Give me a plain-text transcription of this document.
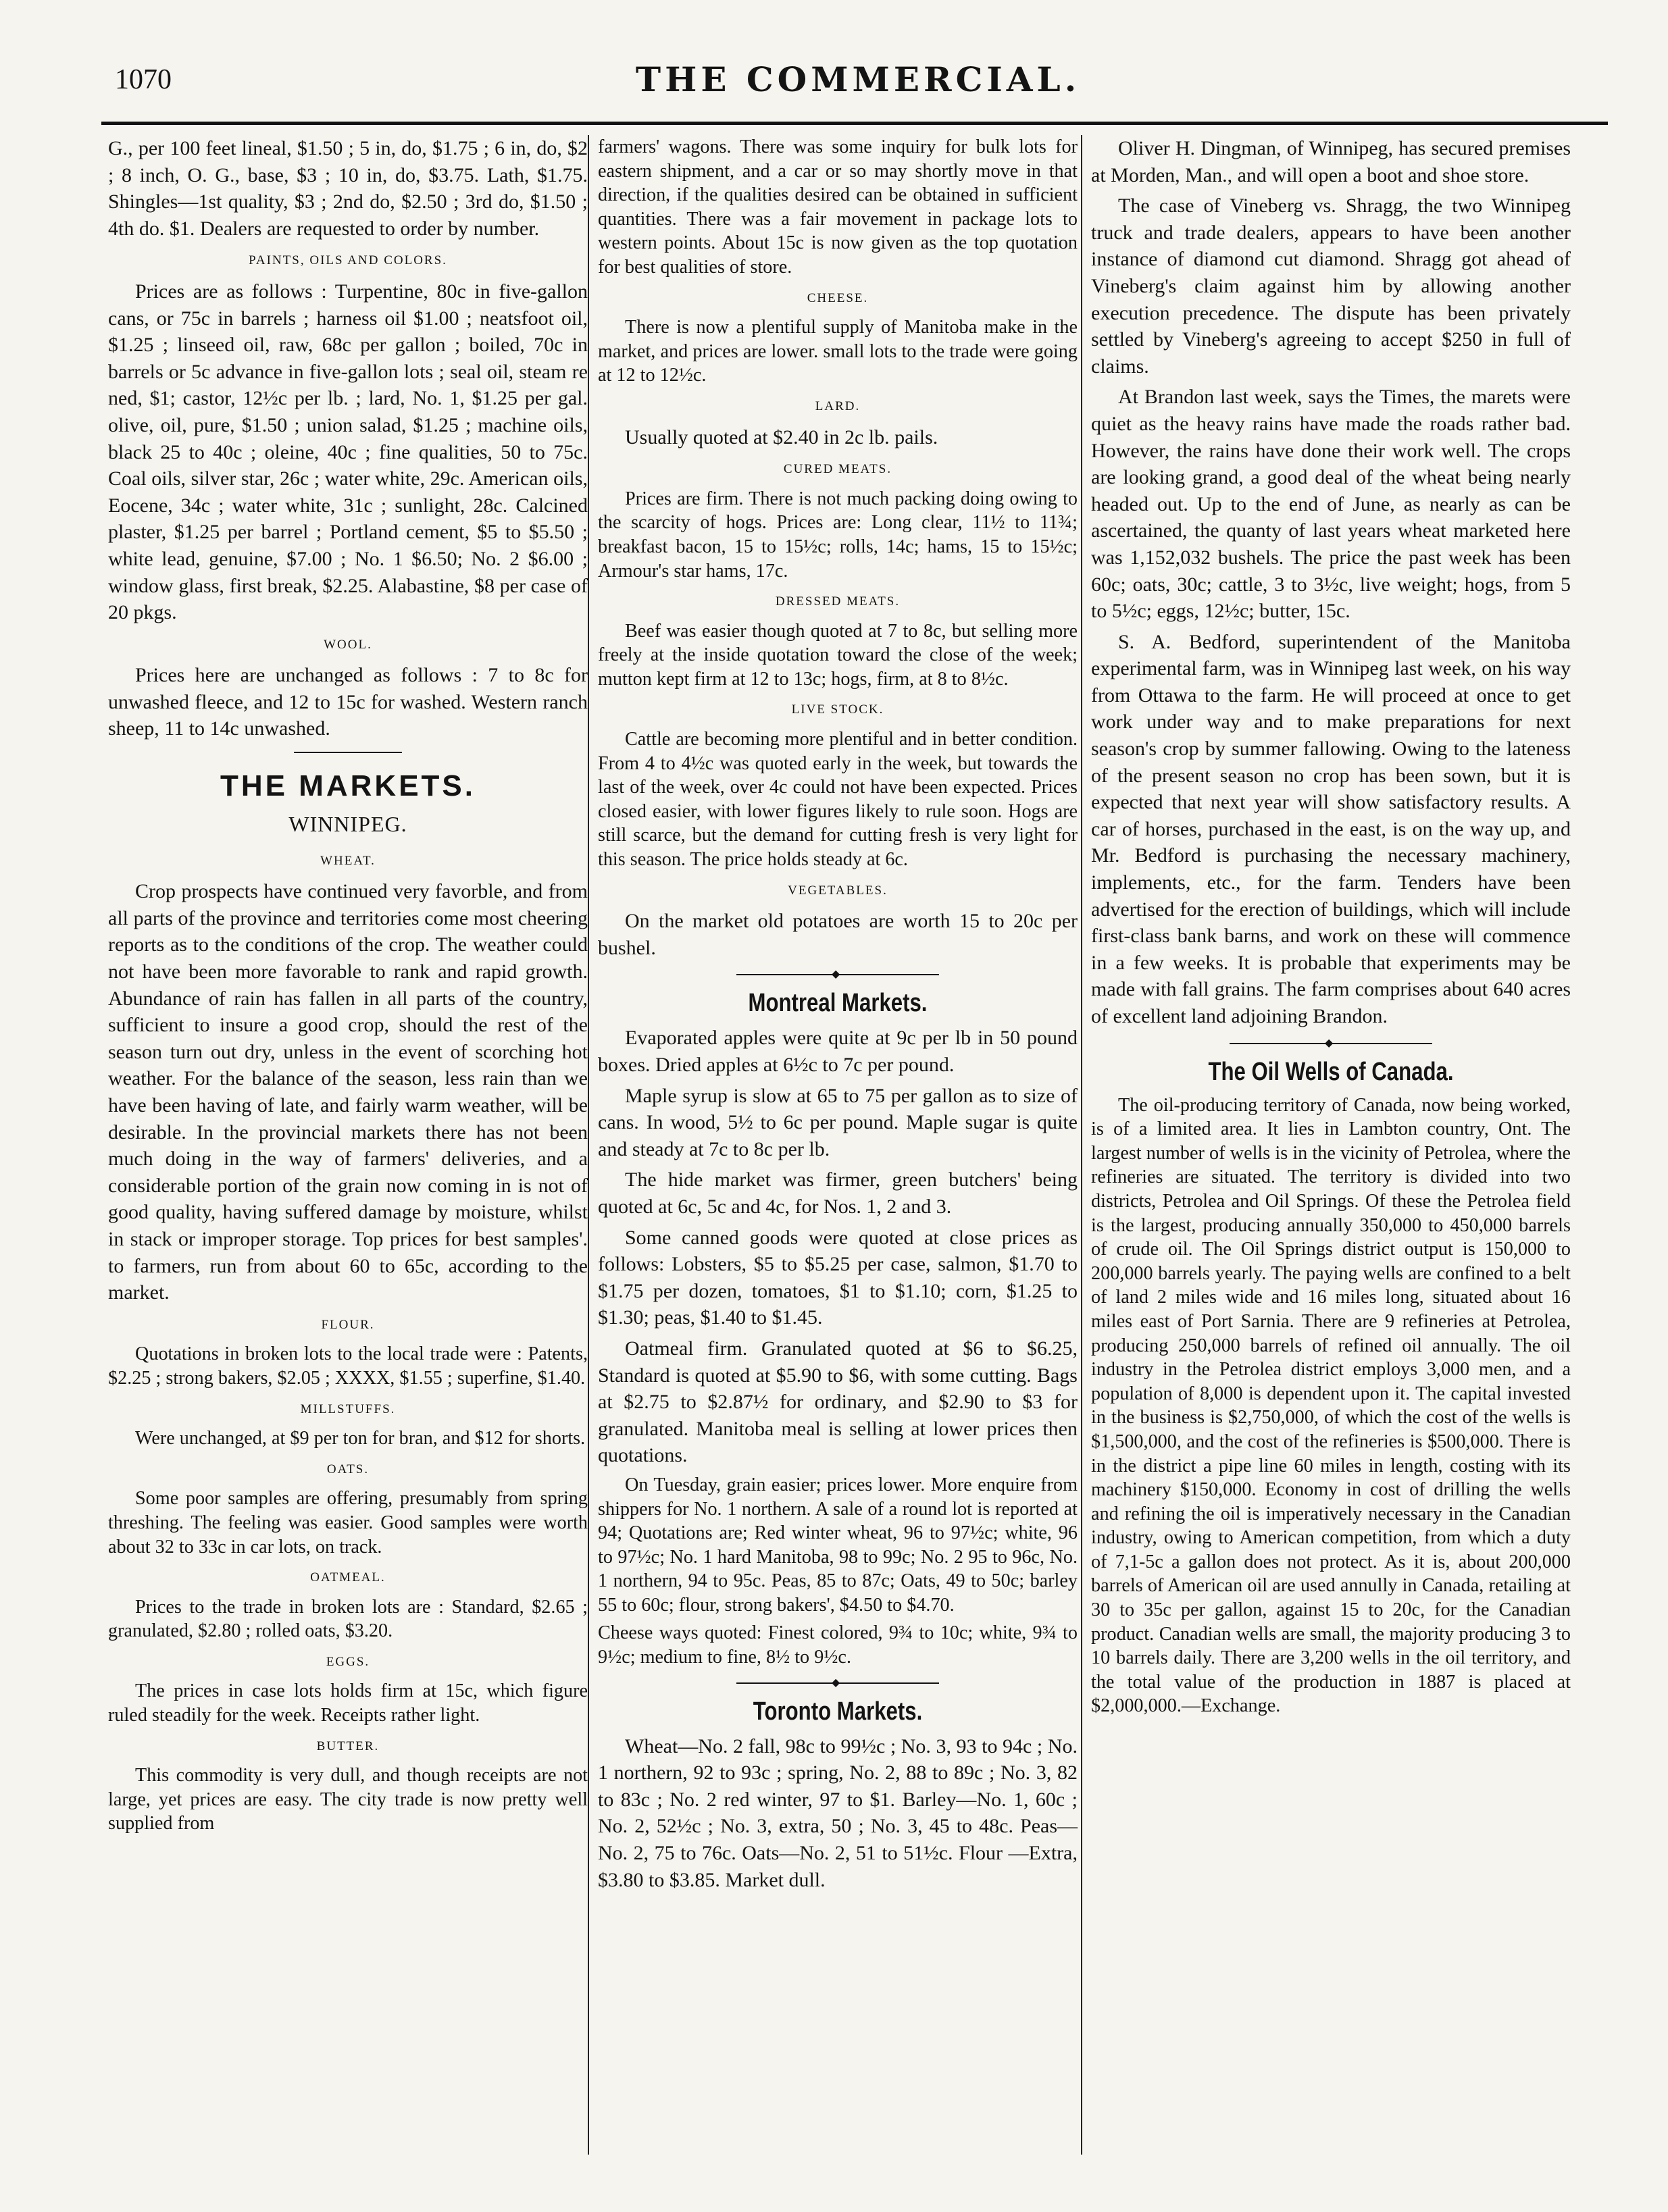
1070	THE COMMERCIAL.

G., per 100 feet lineal, $1.50 ; 5 in, do, $1.75 ; 6 in, do, $2 ; 8 inch, O. G., base, $3 ; 10 in, do, $3.75. Lath, $1.75. Shingles—1st quality, $3 ; 2nd do, $2.50 ; 3rd do, $1.50 ; 4th do. $1. Dealers are requested to order by number.

PAINTS, OILS AND COLORS.

Prices are as follows : Turpentine, 80c in five-gallon cans, or 75c in barrels ; harness oil $1.00 ; neatsfoot oil, $1.25 ; linseed oil, raw, 68c per gallon ; boiled, 70c in barrels or 5c advance in five-gallon lots ; seal oil, steam re ned, $1; castor, 12½c per lb. ; lard, No. 1, $1.25 per gal. olive, oil, pure, $1.50 ; union salad, $1.25 ; machine oils, black 25 to 40c ; oleine, 40c ; fine qualities, 50 to 75c. Coal oils, silver star, 26c ; water white, 29c. American oils, Eocene, 34c ; water white, 31c ; sunlight, 28c. Calcined plaster, $1.25 per barrel ; Portland cement, $5 to $5.50 ; white lead, genuine, $7.00 ; No. 1 $6.50; No. 2 $6.00 ; window glass, first break, $2.25. Alabastine, $8 per case of 20 pkgs.

WOOL.

Prices here are unchanged as follows : 7 to 8c for unwashed fleece, and 12 to 15c for washed. Western ranch sheep, 11 to 14c unwashed.

THE MARKETS.
WINNIPEG.
WHEAT.

Crop prospects have continued very favorble, and from all parts of the province and territories come most cheering reports as to the conditions of the crop. The weather could not have been more favorable to rank and rapid growth. Abundance of rain has fallen in all parts of the country, sufficient to insure a good crop, should the rest of the season turn out dry, unless in the event of scorching hot weather. For the balance of the season, less rain than we have been having of late, and fairly warm weather, will be desirable. In the provincial markets there has not been much doing in the way of farmers' deliveries, and a considerable portion of the grain now coming in is not of good quality, having suffered damage by moisture, whilst in stack or improper storage. Top prices for best samples'. to farmers, run from about 60 to 65c, according to the market.

FLOUR.

Quotations in broken lots to the local trade were : Patents, $2.25 ; strong bakers, $2.05 ; XXXX, $1.55 ; superfine, $1.40.

MILLSTUFFS.

Were unchanged, at $9 per ton for bran, and $12 for shorts.

OATS.

Some poor samples are offering, presumably from spring threshing. The feeling was easier. Good samples were worth about 32 to 33c in car lots, on track.

OATMEAL.

Prices to the trade in broken lots are : Standard, $2.65 ; granulated, $2.80 ; rolled oats, $3.20.

EGGS.

The prices in case lots holds firm at 15c, which figure ruled steadily for the week. Receipts rather light.

BUTTER.

This commodity is very dull, and though receipts are not large, yet prices are easy. The city trade is now pretty well supplied from

farmers' wagons. There was some inquiry for bulk lots for eastern shipment, and a car or so may shortly move in that direction, if the qualities desired can be obtained in sufficient quantities. There was a fair movement in package lots to western points. About 15c is now given as the top quotation for best qualities of store.

CHEESE.

There is now a plentiful supply of Manitoba make in the market, and prices are lower. small lots to the trade were going at 12 to 12½c.

LARD.

Usually quoted at $2.40 in 2c lb. pails.

CURED MEATS.

Prices are firm. There is not much packing doing owing to the scarcity of hogs. Prices are: Long clear, 11½ to 11¾; breakfast bacon, 15 to 15½c; rolls, 14c; hams, 15 to 15½c; Armour's star hams, 17c.

DRESSED MEATS.

Beef was easier though quoted at 7 to 8c, but selling more freely at the inside quotation toward the close of the week; mutton kept firm at 12 to 13c; hogs, firm, at 8 to 8½c.

LIVE STOCK.

Cattle are becoming more plentiful and in better condition. From 4 to 4½c was quoted early in the week, but towards the last of the week, over 4c could not have been expected. Prices closed easier, with lower figures likely to rule soon. Hogs are still scarce, but the demand for cutting fresh is very light for this season. The price holds steady at 6c.

VEGETABLES.

On the market old potatoes are worth 15 to 20c per bushel.

◆
Montreal Markets.

Evaporated apples were quite at 9c per lb in 50 pound boxes. Dried apples at 6½c to 7c per pound.

Maple syrup is slow at 65 to 75 per gallon as to size of cans. In wood, 5½ to 6c per pound. Maple sugar is quite and steady at 7c to 8c per lb.

The hide market was firmer, green butchers' being quoted at 6c, 5c and 4c, for Nos. 1, 2 and 3.

Some canned goods were quoted at close prices as follows: Lobsters, $5 to $5.25 per case, salmon, $1.70 to $1.75 per dozen, tomatoes, $1 to $1.10; corn, $1.25 to $1.30; peas, $1.40 to $1.45.

Oatmeal firm. Granulated quoted at $6 to $6.25, Standard is quoted at $5.90 to $6, with some cutting. Bags at $2.75 to $2.87½ for ordinary, and $2.90 to $3 for granulated. Manitoba meal is selling at lower prices then quotations.

On Tuesday, grain easier; prices lower. More enquire from shippers for No. 1 northern. A sale of a round lot is reported at 94; Quotations are; Red winter wheat, 96 to 97½c; white, 96 to 97½c; No. 1 hard Manitoba, 98 to 99c; No. 2 95 to 96c, No. 1 northern, 94 to 95c. Peas, 85 to 87c; Oats, 49 to 50c; barley 55 to 60c; flour, strong bakers', $4.50 to $4.70.

Cheese ways quoted: Finest colored, 9¾ to 10c; white, 9¾ to 9½c; medium to fine, 8½ to 9½c.

◆
Toronto Markets.

Wheat—No. 2 fall, 98c to 99½c ; No. 3, 93 to 94c ; No. 1 northern, 92 to 93c ; spring, No. 2, 88 to 89c ; No. 3, 82 to 83c ; No. 2 red winter, 97 to $1. Barley—No. 1, 60c ; No. 2, 52½c ; No. 3, extra, 50 ; No. 3, 45 to 48c. Peas—No. 2, 75 to 76c. Oats—No. 2, 51 to 51½c. Flour —Extra, $3.80 to $3.85. Market dull.

Oliver H. Dingman, of Winnipeg, has secured premises at Morden, Man., and will open a boot and shoe store.

The case of Vineberg vs. Shragg, the two Winnipeg truck and trade dealers, appears to have been another instance of diamond cut diamond. Shragg got ahead of Vineberg's claim against him by allowing another execution precedence. The dispute has been privately settled by Vineberg's agreeing to accept $250 in full of claims.

At Brandon last week, says the Times, the marets were quiet as the heavy rains have made the roads rather bad. However, the rains have done their work well. The crops are looking grand, a good deal of the wheat being nearly headed out. Up to the end of June, as nearly as can be ascertained, the quanty of last years wheat marketed here was 1,152,032 bushels. The price the past week has been 60c; oats, 30c; cattle, 3 to 3½c, live weight; hogs, from 5 to 5½c; eggs, 12½c; butter, 15c.

S. A. Bedford, superintendent of the Manitoba experimental farm, was in Winnipeg last week, on his way from Ottawa to the farm. He will proceed at once to get work under way and to make preparations for next season's crop by summer fallowing. Owing to the lateness of the present season no crop has been sown, but it is expected that next year will show satisfactory results. A car of horses, purchased in the east, is on the way up, and Mr. Bedford is purchasing the necessary machinery, implements, etc., for the farm. Tenders have been advertised for the erection of buildings, which will include first-class bank barns, and work on these will commence in a few weeks. It is probable that experiments may be made with fall grains. The farm comprises about 640 acres of excellent land adjoining Brandon.

◆
The Oil Wells of Canada.

The oil-producing territory of Canada, now being worked, is of a limited area. It lies in Lambton country, Ont. The largest number of wells is in the vicinity of Petrolea, where the refineries are situated. The territory is divided into two districts, Petrolea and Oil Springs. Of these the Petrolea field is the largest, producing annually 350,000 to 450,000 barrels of crude oil. The Oil Springs district output is 150,000 to 200,000 barrels yearly. The paying wells are confined to a belt of land 2 miles wide and 16 miles long, situated about 16 miles east of Port Sarnia. There are 9 refineries at Petrolea, producing 250,000 barrels of refined oil annually. The oil industry in the Petrolea district employs 3,000 men, and a population of 8,000 is dependent upon it. The capital invested in the business is $2,750,000, of which the cost of the wells is $1,500,000, and the cost of the refineries is $500,000. There is in the district a pipe line 60 miles in length, costing with its machinery $150,000. Economy in cost of drilling the wells and refining the oil is imperatively necessary in the Canadian industry, owing to American competition, from which a duty of 7,1-5c a gallon does not protect. As it is, about 200,000 barrels of American oil are used annully in Canada, retailing at 30 to 35c per gallon, against 15 to 20c, for the Canadian product. Canadian wells are small, the majority producing 3 to 10 barrels daily. There are 3,200 wells in the oil territory, and the total value of the production in 1887 is placed at $2,000,000.—Exchange.
